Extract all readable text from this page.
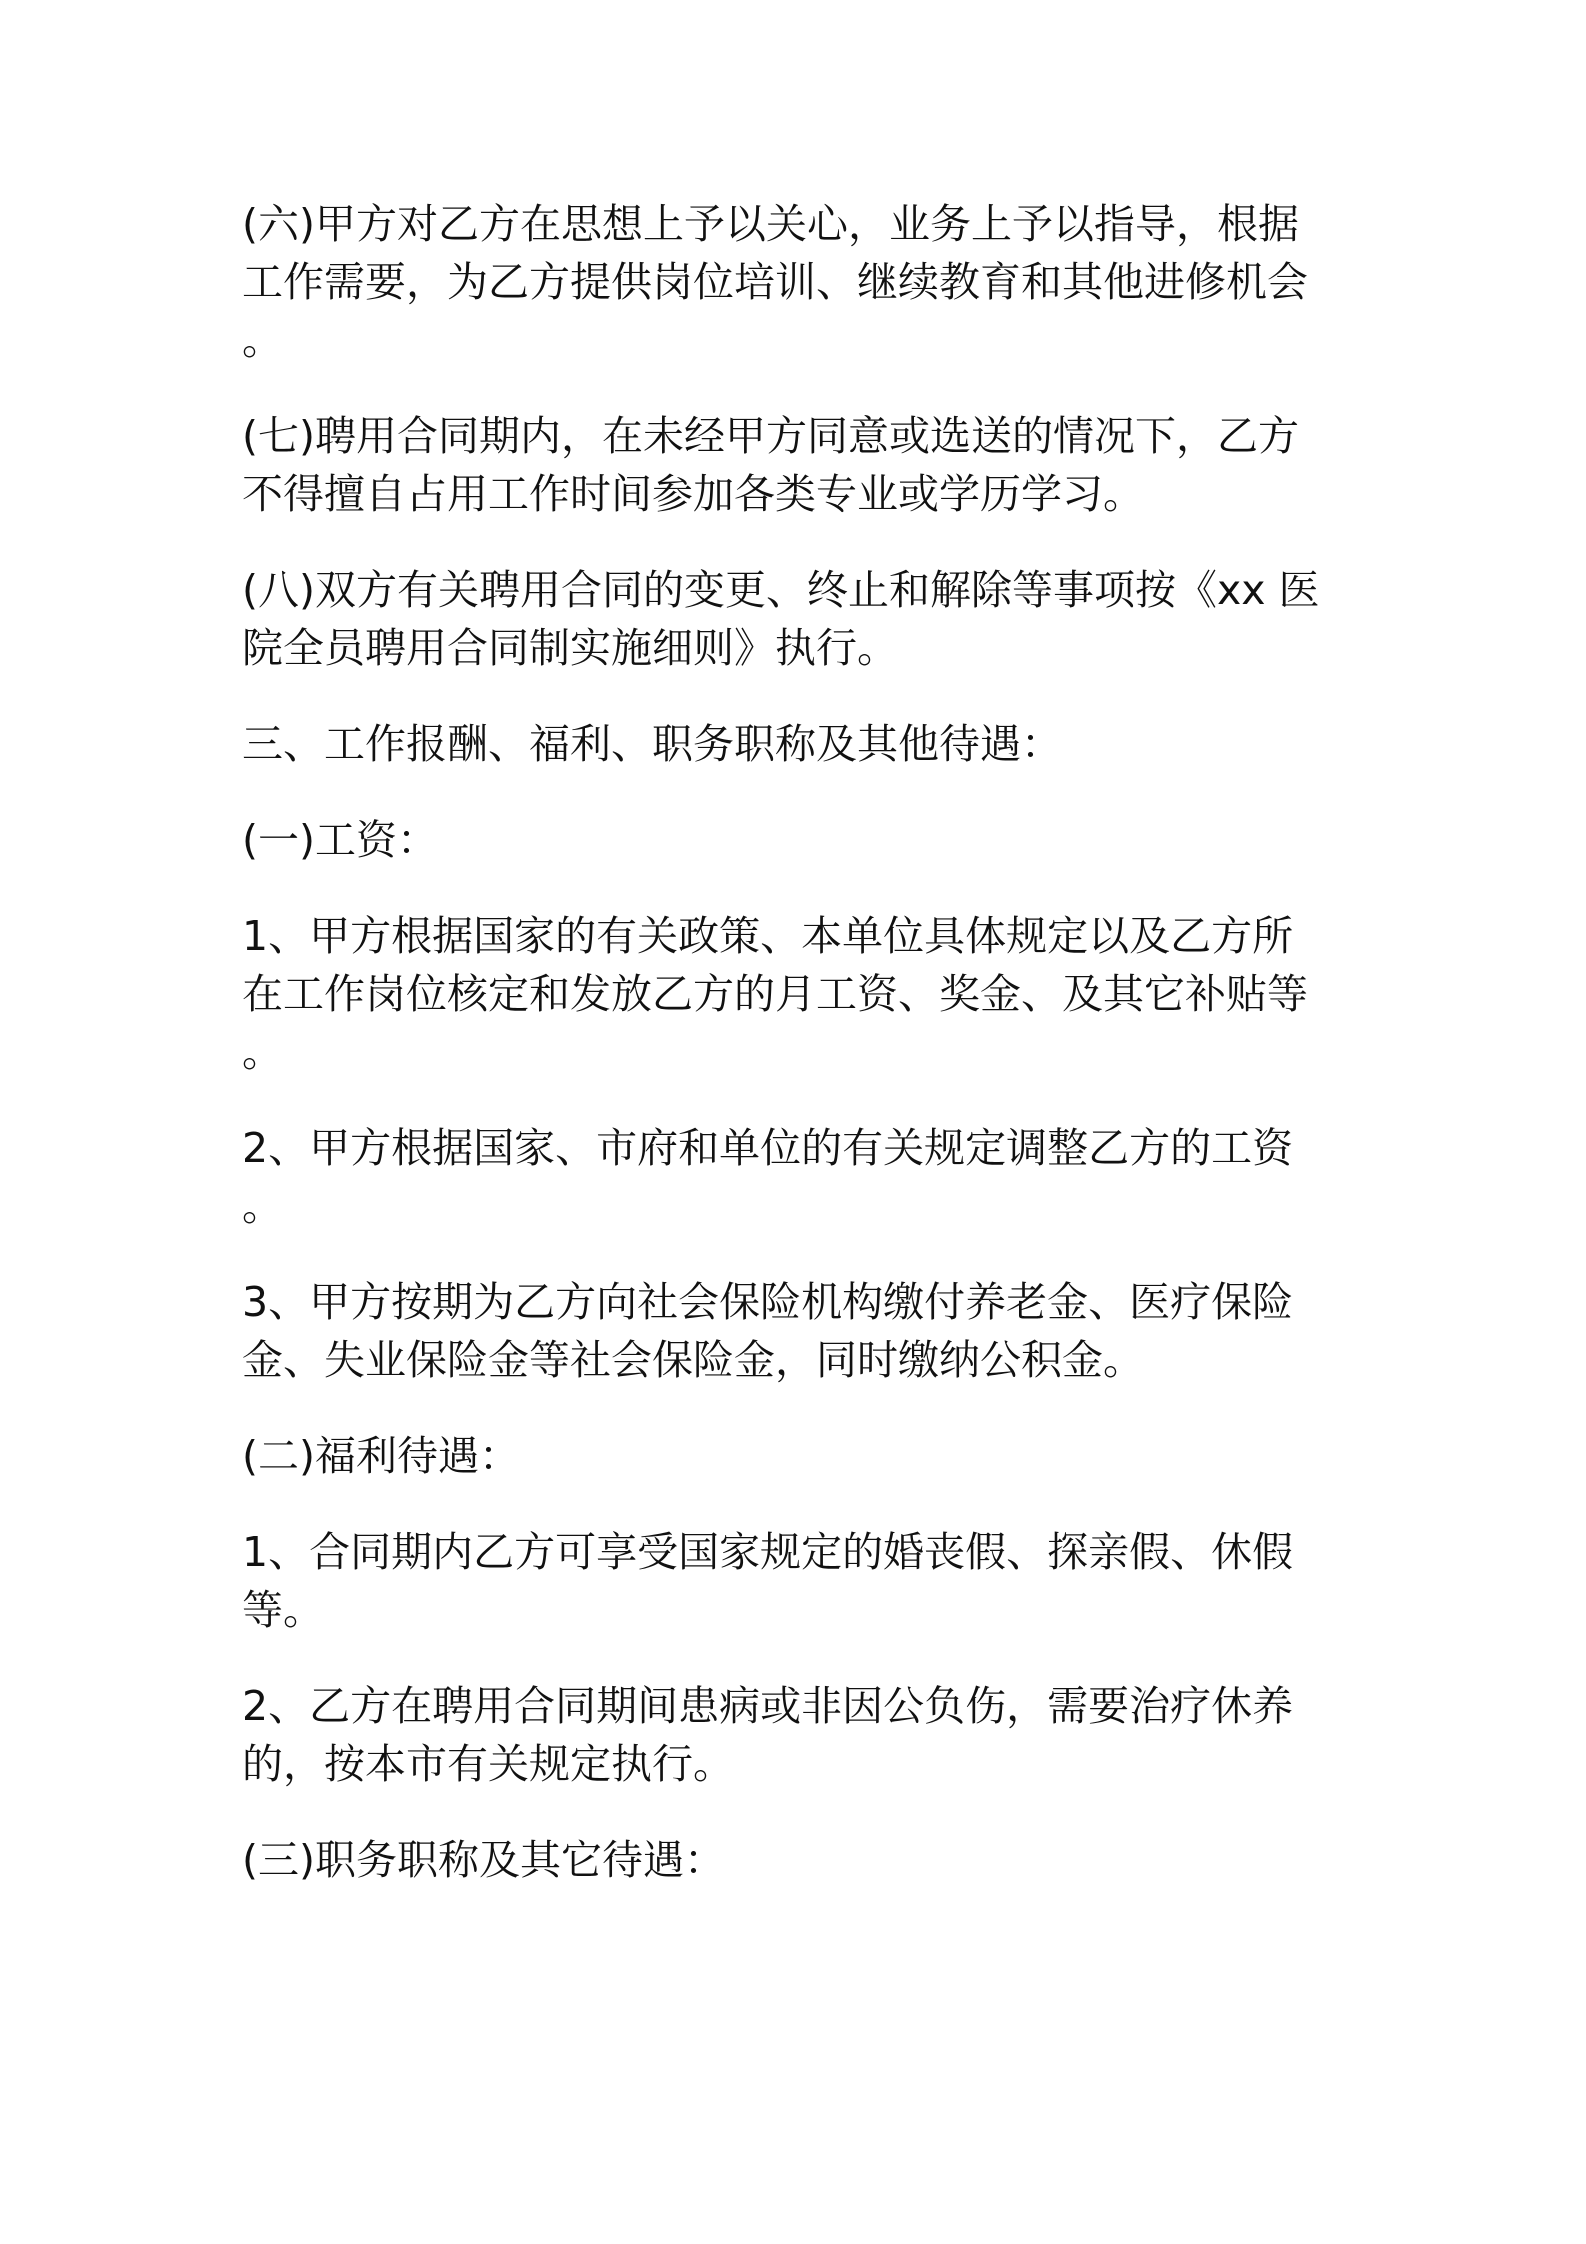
(六)甲方对乙方在思想上予以关心，业务上予以指导，根据
工作需要，为乙方提供岗位培训、继续教育和其他进修机会
。
(七)聘用合同期内，在未经甲方同意或选送的情况下，乙方
不得擅自占用工作时间参加各类专业或学历学习。
(八)双方有关聘用合同的变更、终止和解除等事项按《xx 医
院全员聘用合同制实施细则》执行。
三、工作报酬、福利、职务职称及其他待遇：
(一)工资：
1、甲方根据国家的有关政策、本单位具体规定以及乙方所
在工作岗位核定和发放乙方的月工资、奖金、及其它补贴等
。
2、甲方根据国家、市府和单位的有关规定调整乙方的工资
。
3、甲方按期为乙方向社会保险机构缴付养老金、医疗保险
金、失业保险金等社会保险金，同时缴纳公积金。
(二)福利待遇：
1、合同期内乙方可享受国家规定的婚丧假、探亲假、休假
等。
2、乙方在聘用合同期间患病或非因公负伤，需要治疗休养
的，按本市有关规定执行。
(三)职务职称及其它待遇：
